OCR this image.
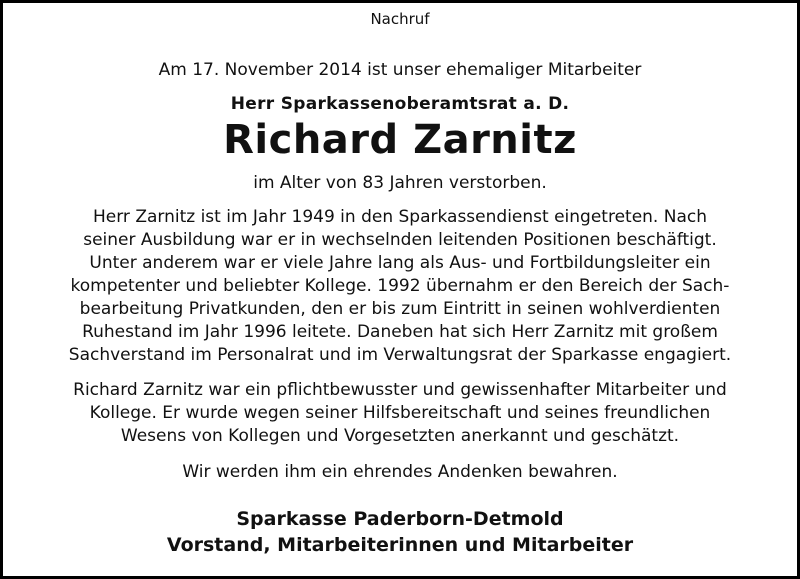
Nachruf
Am 17. November 2014 ist unser ehemaliger Mitarbeiter
Herr Sparkassenoberamtsrat a. D.
Richard Zarnitz
im Alter von 83 Jahren verstorben.
Herr Zarnitz ist im Jahr 1949 in den Sparkassendienst eingetreten. Nach
seiner Ausbildung war er in wechselnden leitenden Positionen beschäftigt.
Unter anderem war er viele Jahre lang als Aus- und Fortbildungsleiter ein
kompetenter und beliebter Kollege. 1992 übernahm er den Bereich der Sach-
bearbeitung Privatkunden, den er bis zum Eintritt in seinen wohlverdienten
Ruhestand im Jahr 1996 leitete. Daneben hat sich Herr Zarnitz mit großem
Sachverstand im Personalrat und im Verwaltungsrat der Sparkasse engagiert.
Richard Zarnitz war ein pflichtbewusster und gewissenhafter Mitarbeiter und
Kollege. Er wurde wegen seiner Hilfsbereitschaft und seines freundlichen
Wesens von Kollegen und Vorgesetzten anerkannt und geschätzt.
Wir werden ihm ein ehrendes Andenken bewahren.
Sparkasse Paderborn-Detmold
Vorstand, Mitarbeiterinnen und Mitarbeiter
